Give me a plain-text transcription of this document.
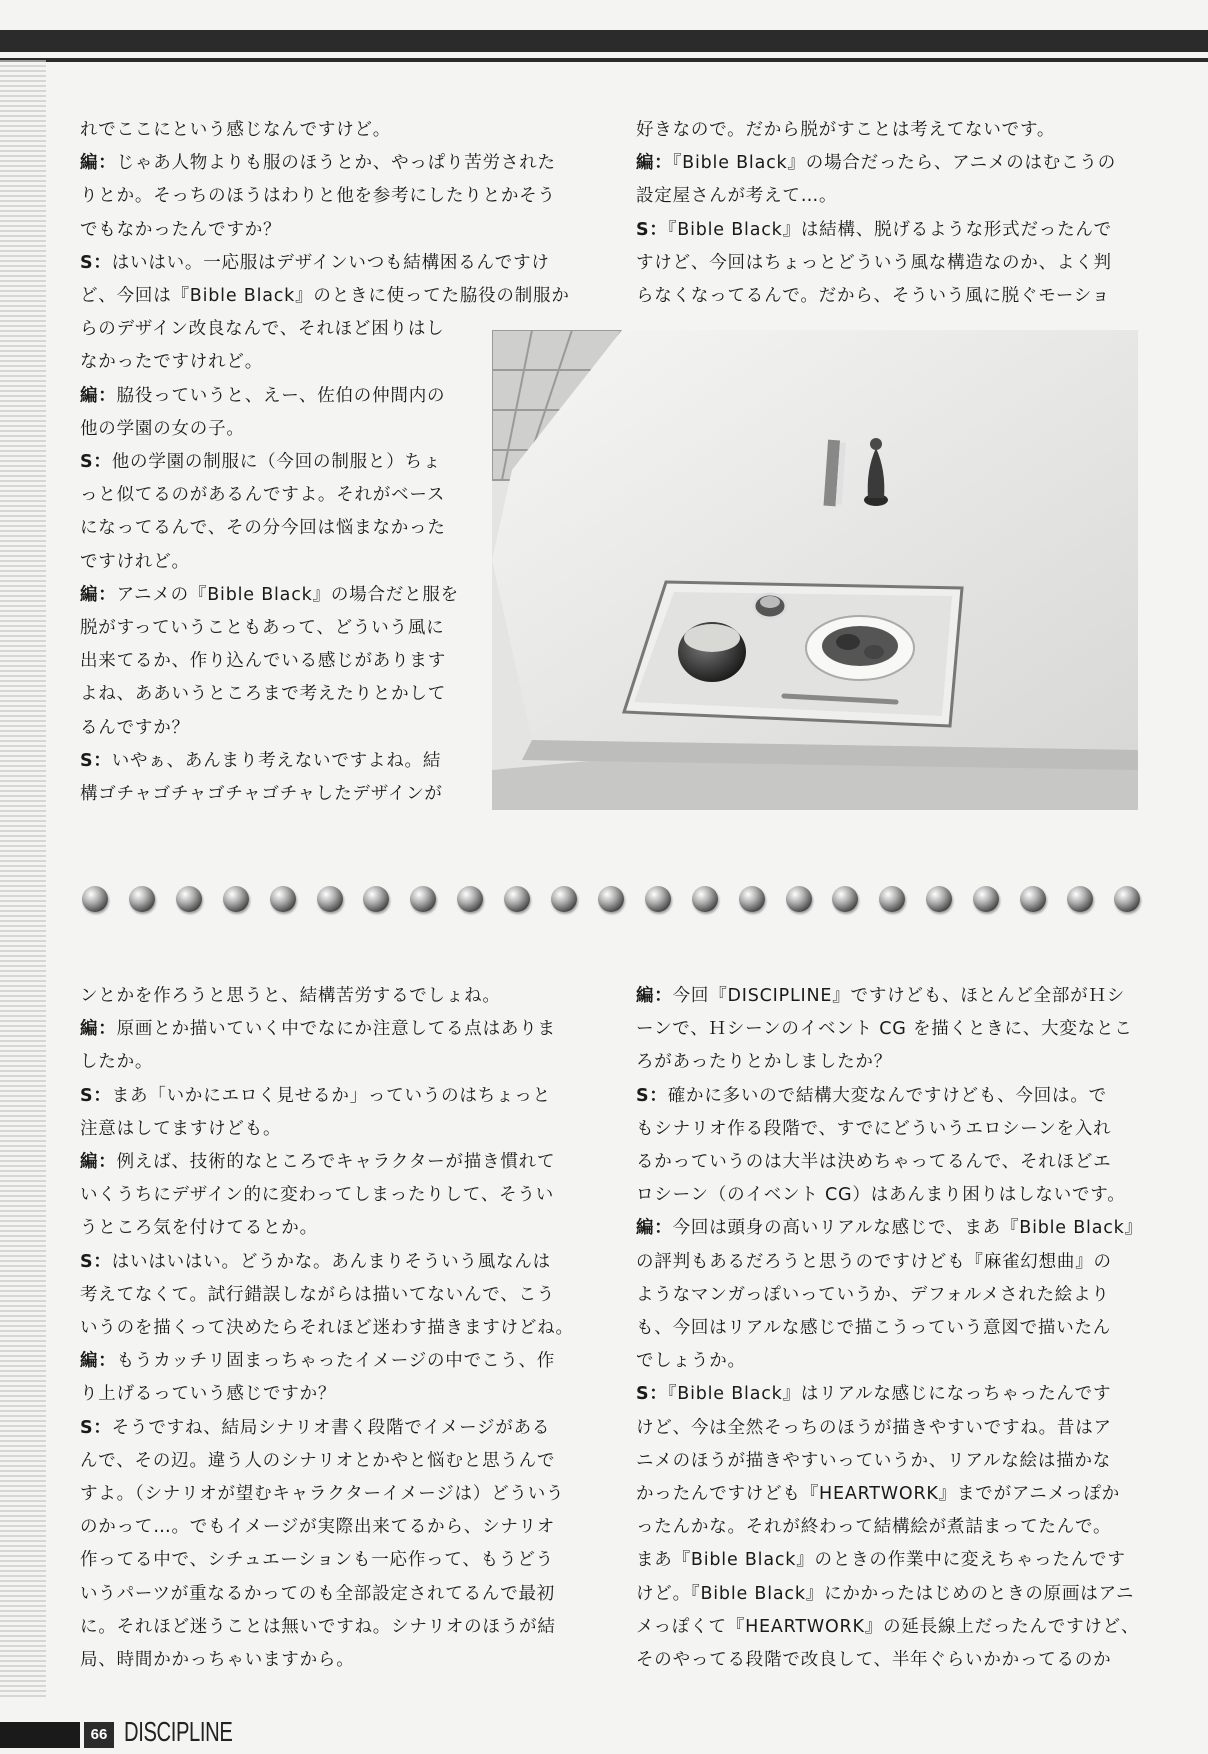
れでここにという感じなんですけど。

編：じゃあ人物よりも服のほうとか、やっぱり苦労された

りとか。そっちのほうはわりと他を参考にしたりとかそう

でもなかったんですか？

S：はいはい。一応服はデザインいつも結構困るんですけ

ど、今回は『Bible Black』のときに使ってた脇役の制服か

らのデザイン改良なんで、それほど困りはし

なかったですけれど。

編：脇役っていうと、えー、佐伯の仲間内の

他の学園の女の子。

S：他の学園の制服に（今回の制服と）ちょ

っと似てるのがあるんですよ。それがベース

になってるんで、その分今回は悩まなかった

ですけれど。

編：アニメの『Bible Black』の場合だと服を

脱がすっていうこともあって、どういう風に

出来てるか、作り込んでいる感じがあります

よね、ああいうところまで考えたりとかして

るんですか？

S：いやぁ、あんまり考えないですよね。結

構ゴチャゴチャゴチャゴチャしたデザインが

好きなので。だから脱がすことは考えてないです。

編：『Bible Black』の場合だったら、アニメのはむこうの

設定屋さんが考えて…。

S：『Bible Black』は結構、脱げるような形式だったんで

すけど、今回はちょっとどういう風な構造なのか、よく判

らなくなってるんで。だから、そういう風に脱ぐモーショ

ンとかを作ろうと思うと、結構苦労するでしょね。

編：原画とか描いていく中でなにか注意してる点はありま

したか。

S：まあ「いかにエロく見せるか」っていうのはちょっと

注意はしてますけども。

編：例えば、技術的なところでキャラクターが描き慣れて

いくうちにデザイン的に変わってしまったりして、そうい

うところ気を付けてるとか。

S：はいはいはい。どうかな。あんまりそういう風なんは

考えてなくて。試行錯誤しながらは描いてないんで、こう

いうのを描くって決めたらそれほど迷わす描きますけどね。

編：もうカッチリ固まっちゃったイメージの中でこう、作

り上げるっていう感じですか？

S：そうですね、結局シナリオ書く段階でイメージがある

んで、その辺。違う人のシナリオとかやと悩むと思うんで

すよ。（シナリオが望むキャラクターイメージは）どういう

のかって…。でもイメージが実際出来てるから、シナリオ

作ってる中で、シチュエーションも一応作って、もうどう

いうパーツが重なるかってのも全部設定されてるんで最初

に。それほど迷うことは無いですね。シナリオのほうが結

局、時間かかっちゃいますから。

編：今回『DISCIPLINE』ですけども、ほとんど全部がＨシ

ーンで、Ｈシーンのイベント CG を描くときに、大変なとこ

ろがあったりとかしましたか？

S：確かに多いので結構大変なんですけども、今回は。で

もシナリオ作る段階で、すでにどういうエロシーンを入れ

るかっていうのは大半は決めちゃってるんで、それほどエ

ロシーン（のイベント CG）はあんまり困りはしないです。

編：今回は頭身の高いリアルな感じで、まあ『Bible Black』

の評判もあるだろうと思うのですけども『麻雀幻想曲』の

ようなマンガっぽいっていうか、デフォルメされた絵より

も、今回はリアルな感じで描こうっていう意図で描いたん

でしょうか。

S：『Bible Black』はリアルな感じになっちゃったんです

けど、今は全然そっちのほうが描きやすいですね。昔はア

ニメのほうが描きやすいっていうか、リアルな絵は描かな

かったんですけども『HEARTWORK』までがアニメっぽか

ったんかな。それが終わって結構絵が煮詰まってたんで。

まあ『Bible Black』のときの作業中に変えちゃったんです

けど。『Bible Black』にかかったはじめのときの原画はアニ

メっぽくて『HEARTWORK』の延長線上だったんですけど、

そのやってる段階で改良して、半年ぐらいかかってるのか

66 DISCIPLINE
